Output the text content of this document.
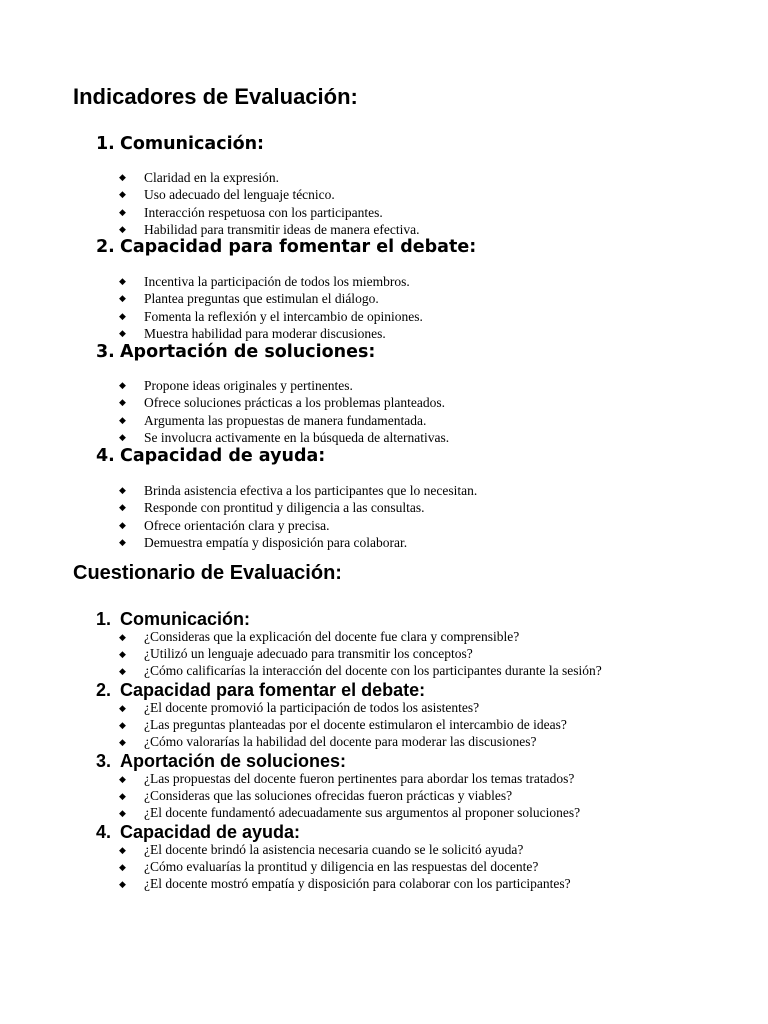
Indicadores de Evaluación:
1. Comunicación:
◆	Claridad en la expresión.
◆	Uso adecuado del lenguaje técnico.
◆	Interacción respetuosa con los participantes.
◆	Habilidad para transmitir ideas de manera efectiva.
2. Capacidad para fomentar el debate:
◆	Incentiva la participación de todos los miembros.
◆	Plantea preguntas que estimulan el diálogo.
◆	Fomenta la reflexión y el intercambio de opiniones.
◆	Muestra habilidad para moderar discusiones.
3. Aportación de soluciones:
◆	Propone ideas originales y pertinentes.
◆	Ofrece soluciones prácticas a los problemas planteados.
◆	Argumenta las propuestas de manera fundamentada.
◆	Se involucra activamente en la búsqueda de alternativas.
4. Capacidad de ayuda:
◆	Brinda asistencia efectiva a los participantes que lo necesitan.
◆	Responde con prontitud y diligencia a las consultas.
◆	Ofrece orientación clara y precisa.
◆	Demuestra empatía y disposición para colaborar.
Cuestionario de Evaluación:
1. Comunicación:
◆	¿Consideras que la explicación del docente fue clara y comprensible?
◆	¿Utilizó un lenguaje adecuado para transmitir los conceptos?
◆	¿Cómo calificarías la interacción del docente con los participantes durante la sesión?
2. Capacidad para fomentar el debate:
◆	¿El docente promovió la participación de todos los asistentes?
◆	¿Las preguntas planteadas por el docente estimularon el intercambio de ideas?
◆	¿Cómo valorarías la habilidad del docente para moderar las discusiones?
3. Aportación de soluciones:
◆	¿Las propuestas del docente fueron pertinentes para abordar los temas tratados?
◆	¿Consideras que las soluciones ofrecidas fueron prácticas y viables?
◆	¿El docente fundamentó adecuadamente sus argumentos al proponer soluciones?
4. Capacidad de ayuda:
◆	¿El docente brindó la asistencia necesaria cuando se le solicitó ayuda?
◆	¿Cómo evaluarías la prontitud y diligencia en las respuestas del docente?
◆	¿El docente mostró empatía y disposición para colaborar con los participantes?
